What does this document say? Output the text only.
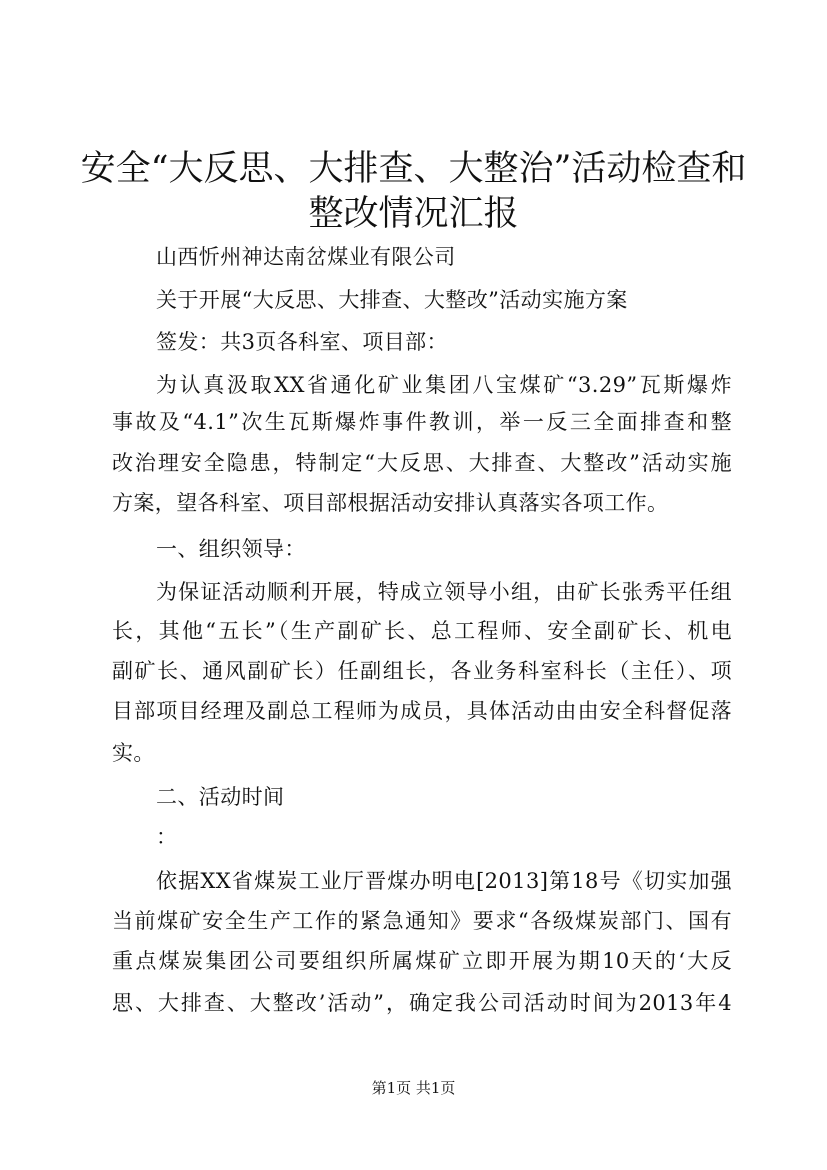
安全“大反思、大排查、大整治”活动检查和
整改情况汇报
山西忻州神达南岔煤业有限公司
关于开展“大反思、大排查、大整改”活动实施方案
签发：共3页各科室、项目部：
为认真汲取XX省通化矿业集团八宝煤矿“3.29”瓦斯爆炸
事故及“4.1”次生瓦斯爆炸事件教训，举一反三全面排查和整
改治理安全隐患，特制定“大反思、大排查、大整改”活动实施
方案，望各科室、项目部根据活动安排认真落实各项工作。
一、组织领导：
为保证活动顺利开展，特成立领导小组，由矿长张秀平任组
长，其他“五长”（生产副矿长、总工程师、安全副矿长、机电
副矿长、通风副矿长）任副组长，各业务科室科长（主任）、项
目部项目经理及副总工程师为成员，具体活动由由安全科督促落
实。
二、活动时间
：
依据XX省煤炭工业厅晋煤办明电[2013]第18号《切实加强
当前煤矿安全生产工作的紧急通知》要求“各级煤炭部门、国有
重点煤炭集团公司要组织所属煤矿立即开展为期10天的‘大反
思、大排查、大整改’活动”，确定我公司活动时间为2013年4
第1页 共1页
